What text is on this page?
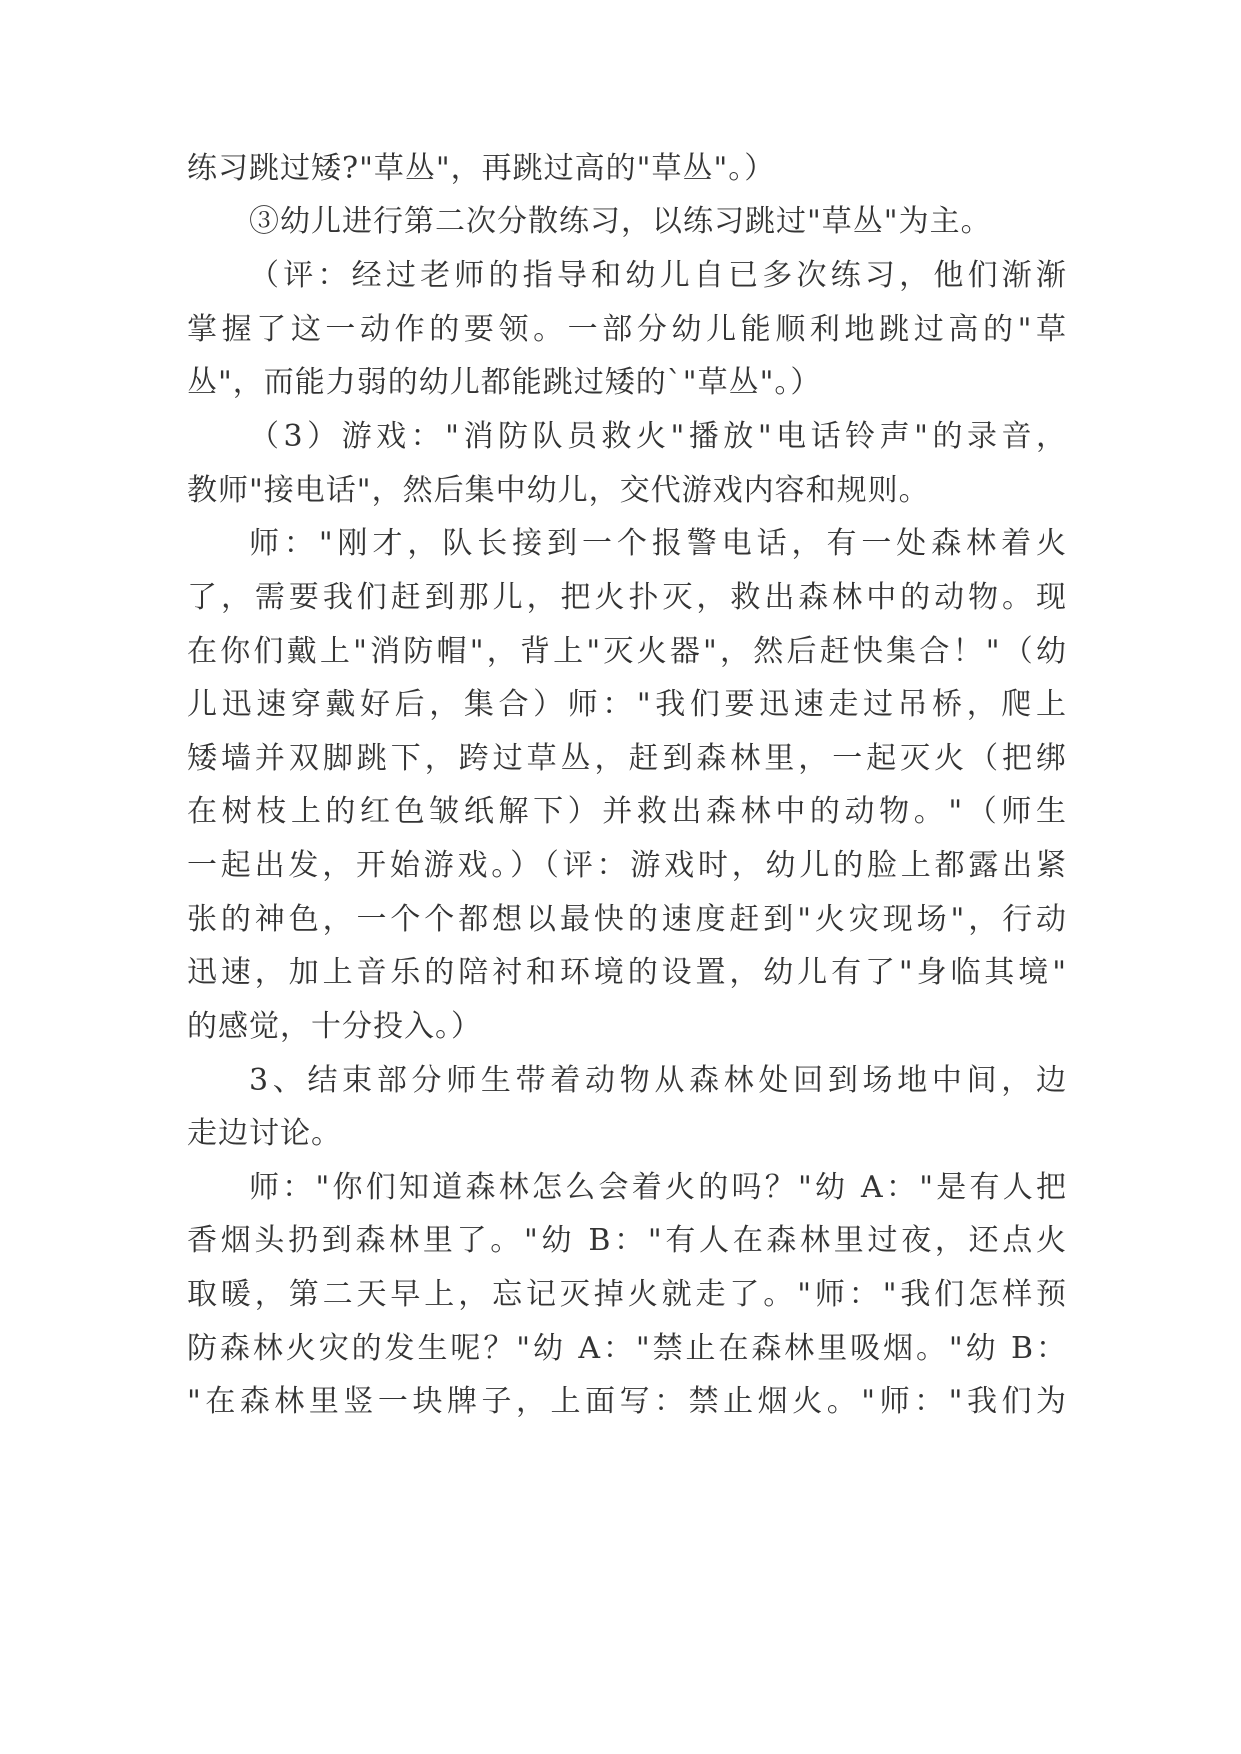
练习跳过矮?"草丛"，再跳过高的"草丛"。）
③幼儿进行第二次分散练习，以练习跳过"草丛"为主。
（评：经过老师的指导和幼儿自已多次练习，他们渐渐
掌握了这一动作的要领。一部分幼儿能顺利地跳过高的"草
丛"，而能力弱的幼儿都能跳过矮的`"草丛"。）
（3）游戏："消防队员救火"播放"电话铃声"的录音，
教师"接电话"，然后集中幼儿，交代游戏内容和规则。
师："刚才，队长接到一个报警电话，有一处森林着火
了，需要我们赶到那儿，把火扑灭，救出森林中的动物。现
在你们戴上"消防帽"，背上"灭火器"，然后赶快集合！"（幼
儿迅速穿戴好后，集合）师："我们要迅速走过吊桥，爬上
矮墙并双脚跳下，跨过草丛，赶到森林里，一起灭火（把绑
在树枝上的红色皱纸解下）并救出森林中的动物。"（师生
一起出发，开始游戏。）（评：游戏时，幼儿的脸上都露出紧
张的神色，一个个都想以最快的速度赶到"火灾现场"，行动
迅速，加上音乐的陪衬和环境的设置，幼儿有了"身临其境"
的感觉，十分投入。）
3、结束部分师生带着动物从森林处回到场地中间，边
走边讨论。
师："你们知道森林怎么会着火的吗？"幼 A："是有人把
香烟头扔到森林里了。"幼 B："有人在森林里过夜，还点火
取暖，第二天早上，忘记灭掉火就走了。"师："我们怎样预
防森林火灾的发生呢？"幼 A："禁止在森林里吸烟。"幼 B：
"在森林里竖一块牌子，上面写：禁止烟火。"师："我们为
